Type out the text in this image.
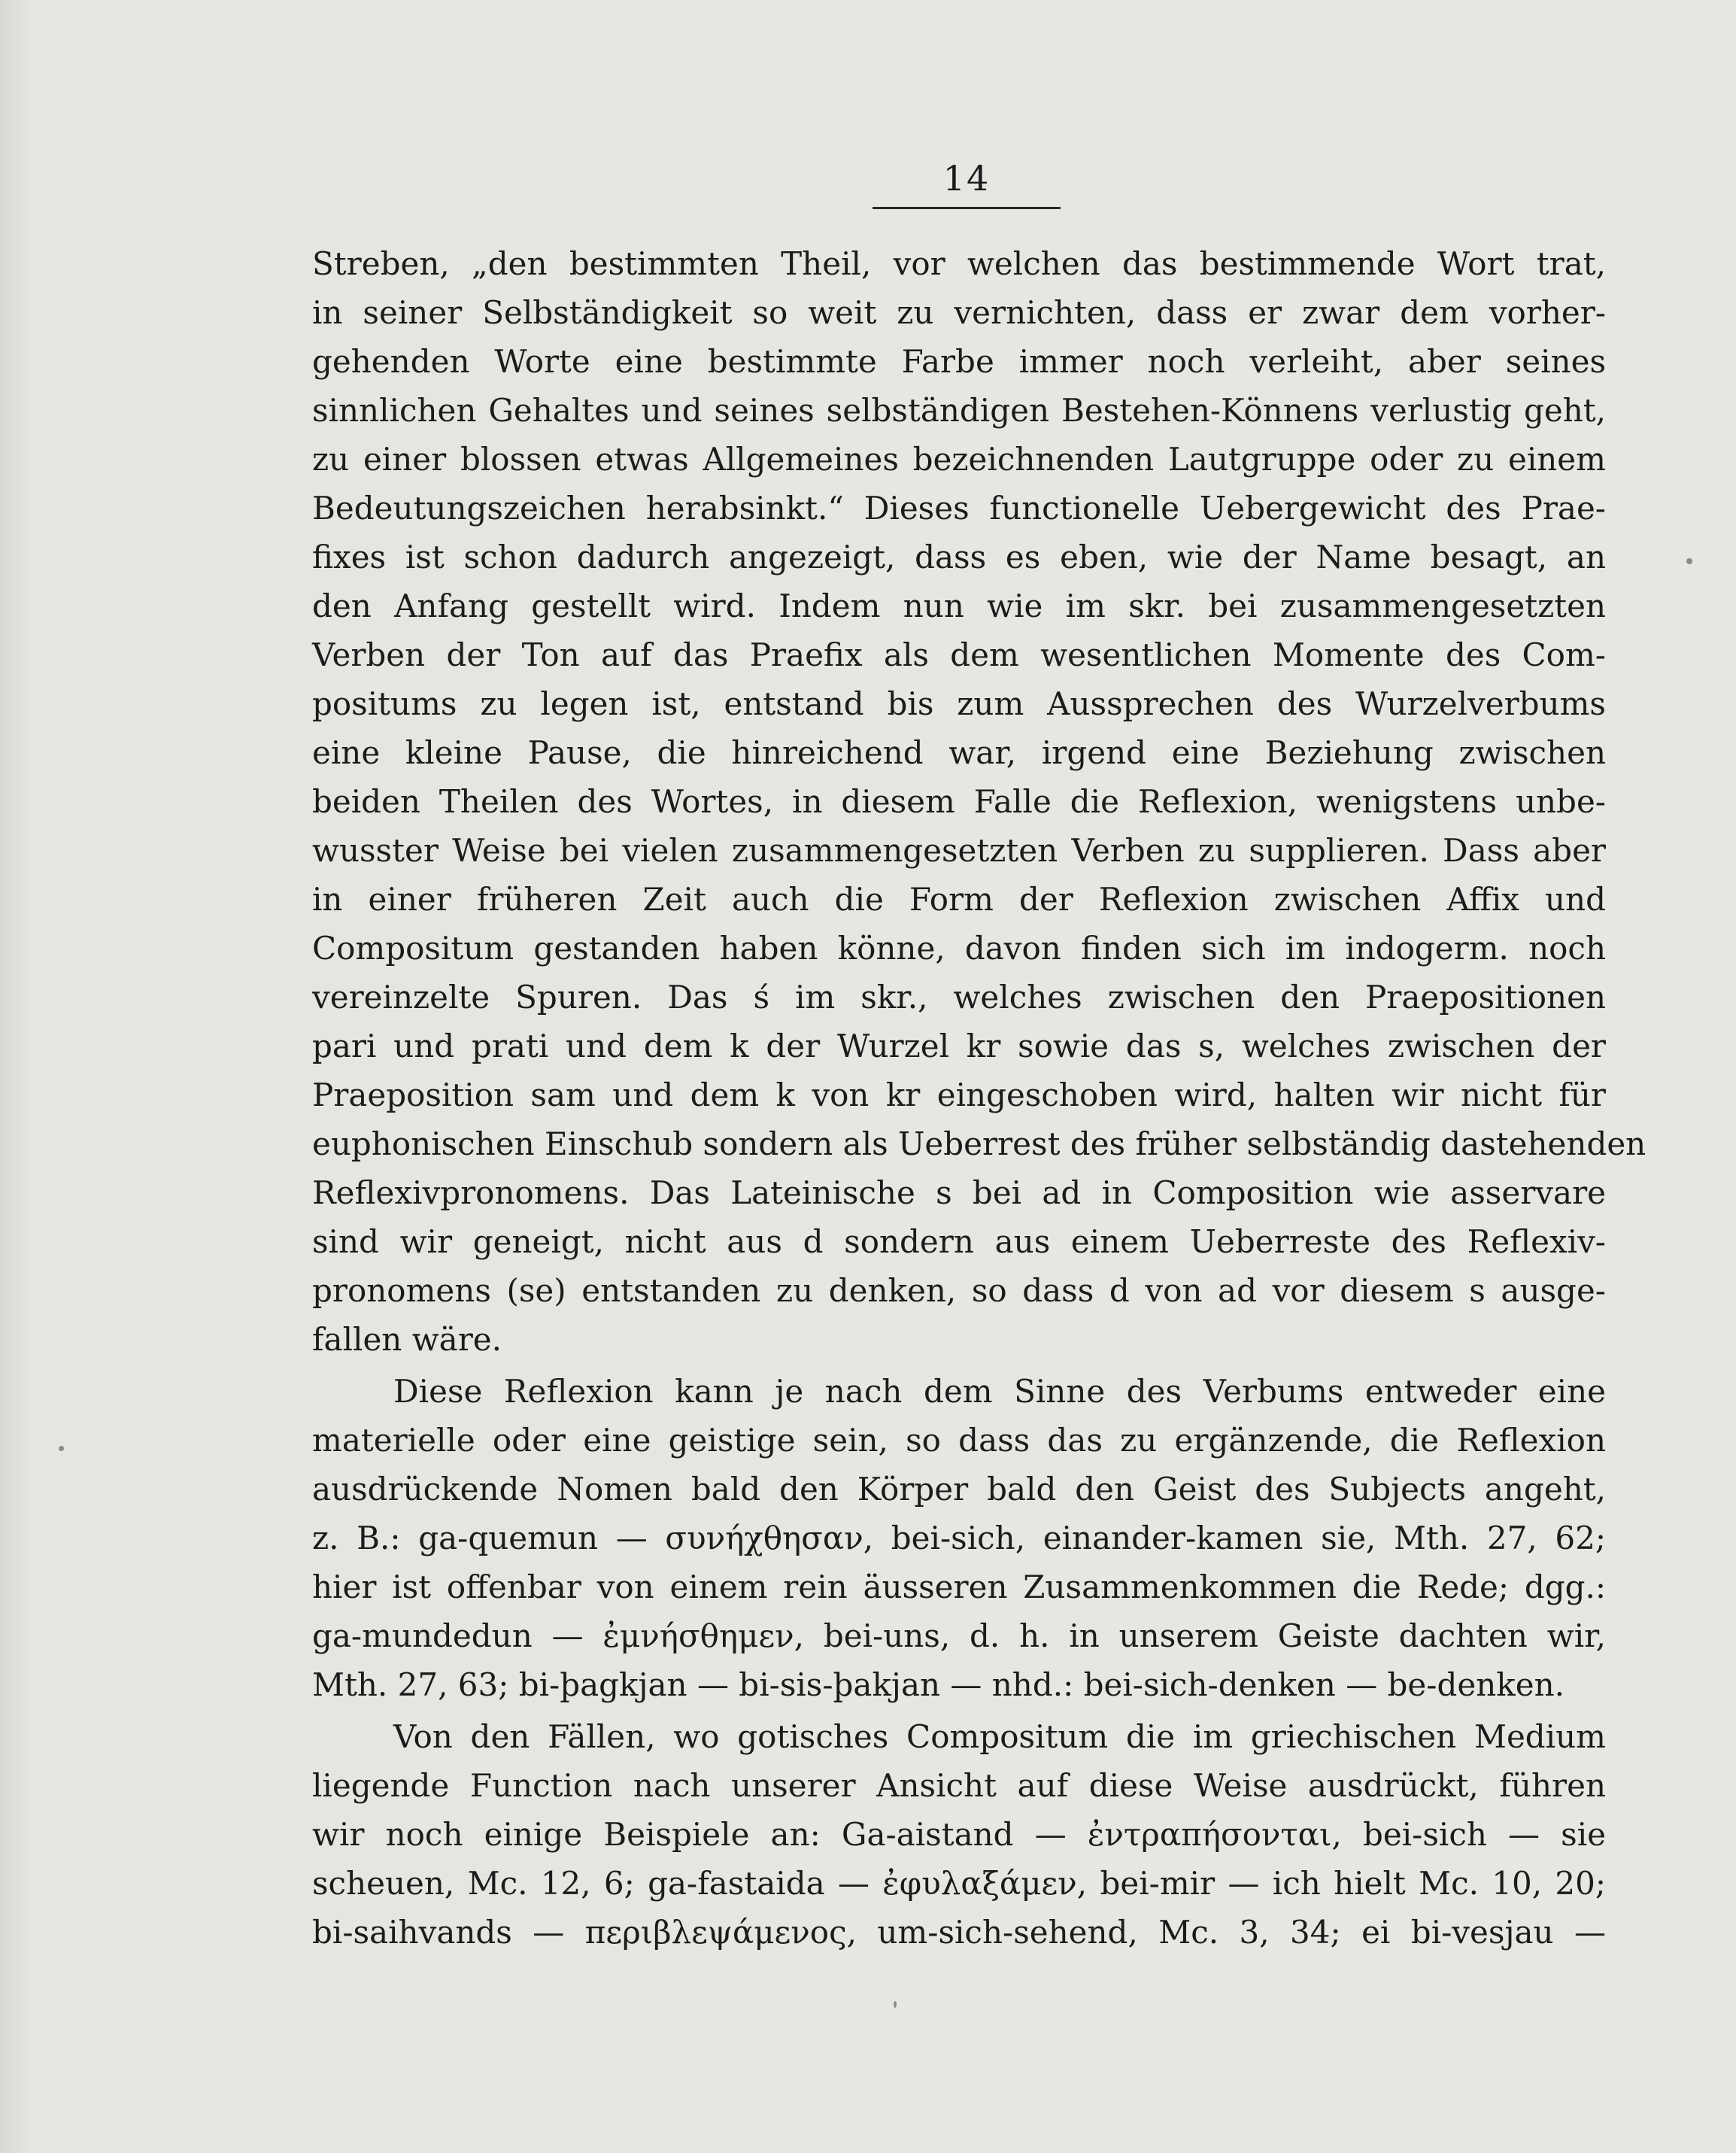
14
Streben, „den bestimmten Theil, vor welchen das bestimmende Wort trat,
in seiner Selbständigkeit so weit zu vernichten, dass er zwar dem vorher-
gehenden Worte eine bestimmte Farbe immer noch verleiht, aber seines
sinnlichen Gehaltes und seines selbständigen Bestehen-Könnens verlustig geht,
zu einer blossen etwas Allgemeines bezeichnenden Lautgruppe oder zu einem
Bedeutungszeichen herabsinkt.“ Dieses functionelle Uebergewicht des Prae-
fixes ist schon dadurch angezeigt, dass es eben, wie der Name besagt, an
den Anfang gestellt wird. Indem nun wie im skr. bei zusammengesetzten
Verben der Ton auf das Praefix als dem wesentlichen Momente des Com-
positums zu legen ist, entstand bis zum Aussprechen des Wurzelverbums
eine kleine Pause, die hinreichend war, irgend eine Beziehung zwischen
beiden Theilen des Wortes, in diesem Falle die Reflexion, wenigstens unbe-
wusster Weise bei vielen zusammengesetzten Verben zu supplieren. Dass aber
in einer früheren Zeit auch die Form der Reflexion zwischen Affix und
Compositum gestanden haben könne, davon finden sich im indogerm. noch
vereinzelte Spuren. Das ś im skr., welches zwischen den Praepositionen
pari und prati und dem k der Wurzel kr sowie das s, welches zwischen der
Praeposition sam und dem k von kr eingeschoben wird, halten wir nicht für
euphonischen Einschub sondern als Ueberrest des früher selbständig dastehenden
Reflexivpronomens. Das Lateinische s bei ad in Composition wie asservare
sind wir geneigt, nicht aus d sondern aus einem Ueberreste des Reflexiv-
pronomens (se) entstanden zu denken, so dass d von ad vor diesem s ausge-
fallen wäre.
Diese Reflexion kann je nach dem Sinne des Verbums entweder eine
materielle oder eine geistige sein, so dass das zu ergänzende, die Reflexion
ausdrückende Nomen bald den Körper bald den Geist des Subjects angeht,
z. B.: ga-quemun — συνήχθησαν, bei-sich, einander-kamen sie, Mth. 27, 62;
hier ist offenbar von einem rein äusseren Zusammenkommen die Rede; dgg.:
ga-mundedun — ἐμνήσθημεν, bei-uns, d. h. in unserem Geiste dachten wir,
Mth. 27, 63; bi-þagkjan — bi-sis-þakjan — nhd.: bei-sich-denken — be-denken.
Von den Fällen, wo gotisches Compositum die im griechischen Medium
liegende Function nach unserer Ansicht auf diese Weise ausdrückt, führen
wir noch einige Beispiele an: Ga-aistand — ἐντραπήσονται, bei-sich — sie
scheuen, Mc. 12, 6; ga-fastaida — ἐφυλαξάμεν, bei-mir — ich hielt Mc. 10, 20;
bi-saihvands — περιβλεψάμενος, um-sich-sehend, Mc. 3, 34; ei bi-vesjau —
